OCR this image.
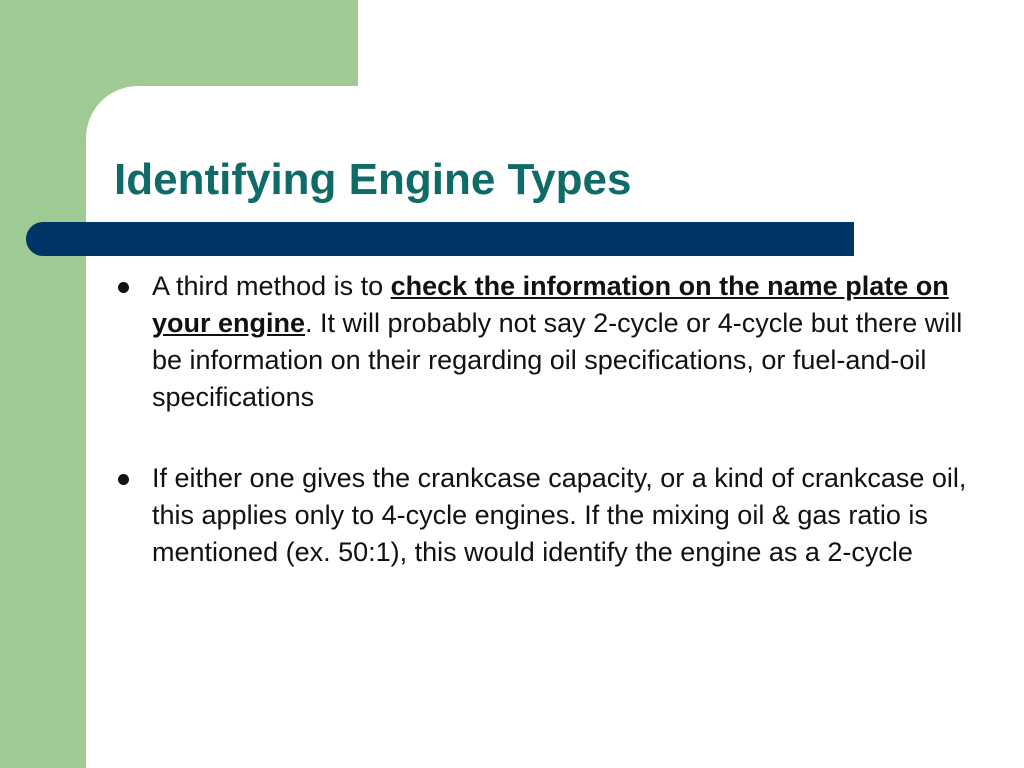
Identifying Engine Types
A third method is to check the information on the name plate on your engine. It will probably not say 2-cycle or 4-cycle but there will be information on their regarding oil specifications, or fuel-and-oil specifications
If either one gives the crankcase capacity, or a kind of crankcase oil, this applies only to 4-cycle engines. If the mixing oil & gas ratio is mentioned (ex. 50:1), this would identify the engine as a 2-cycle
